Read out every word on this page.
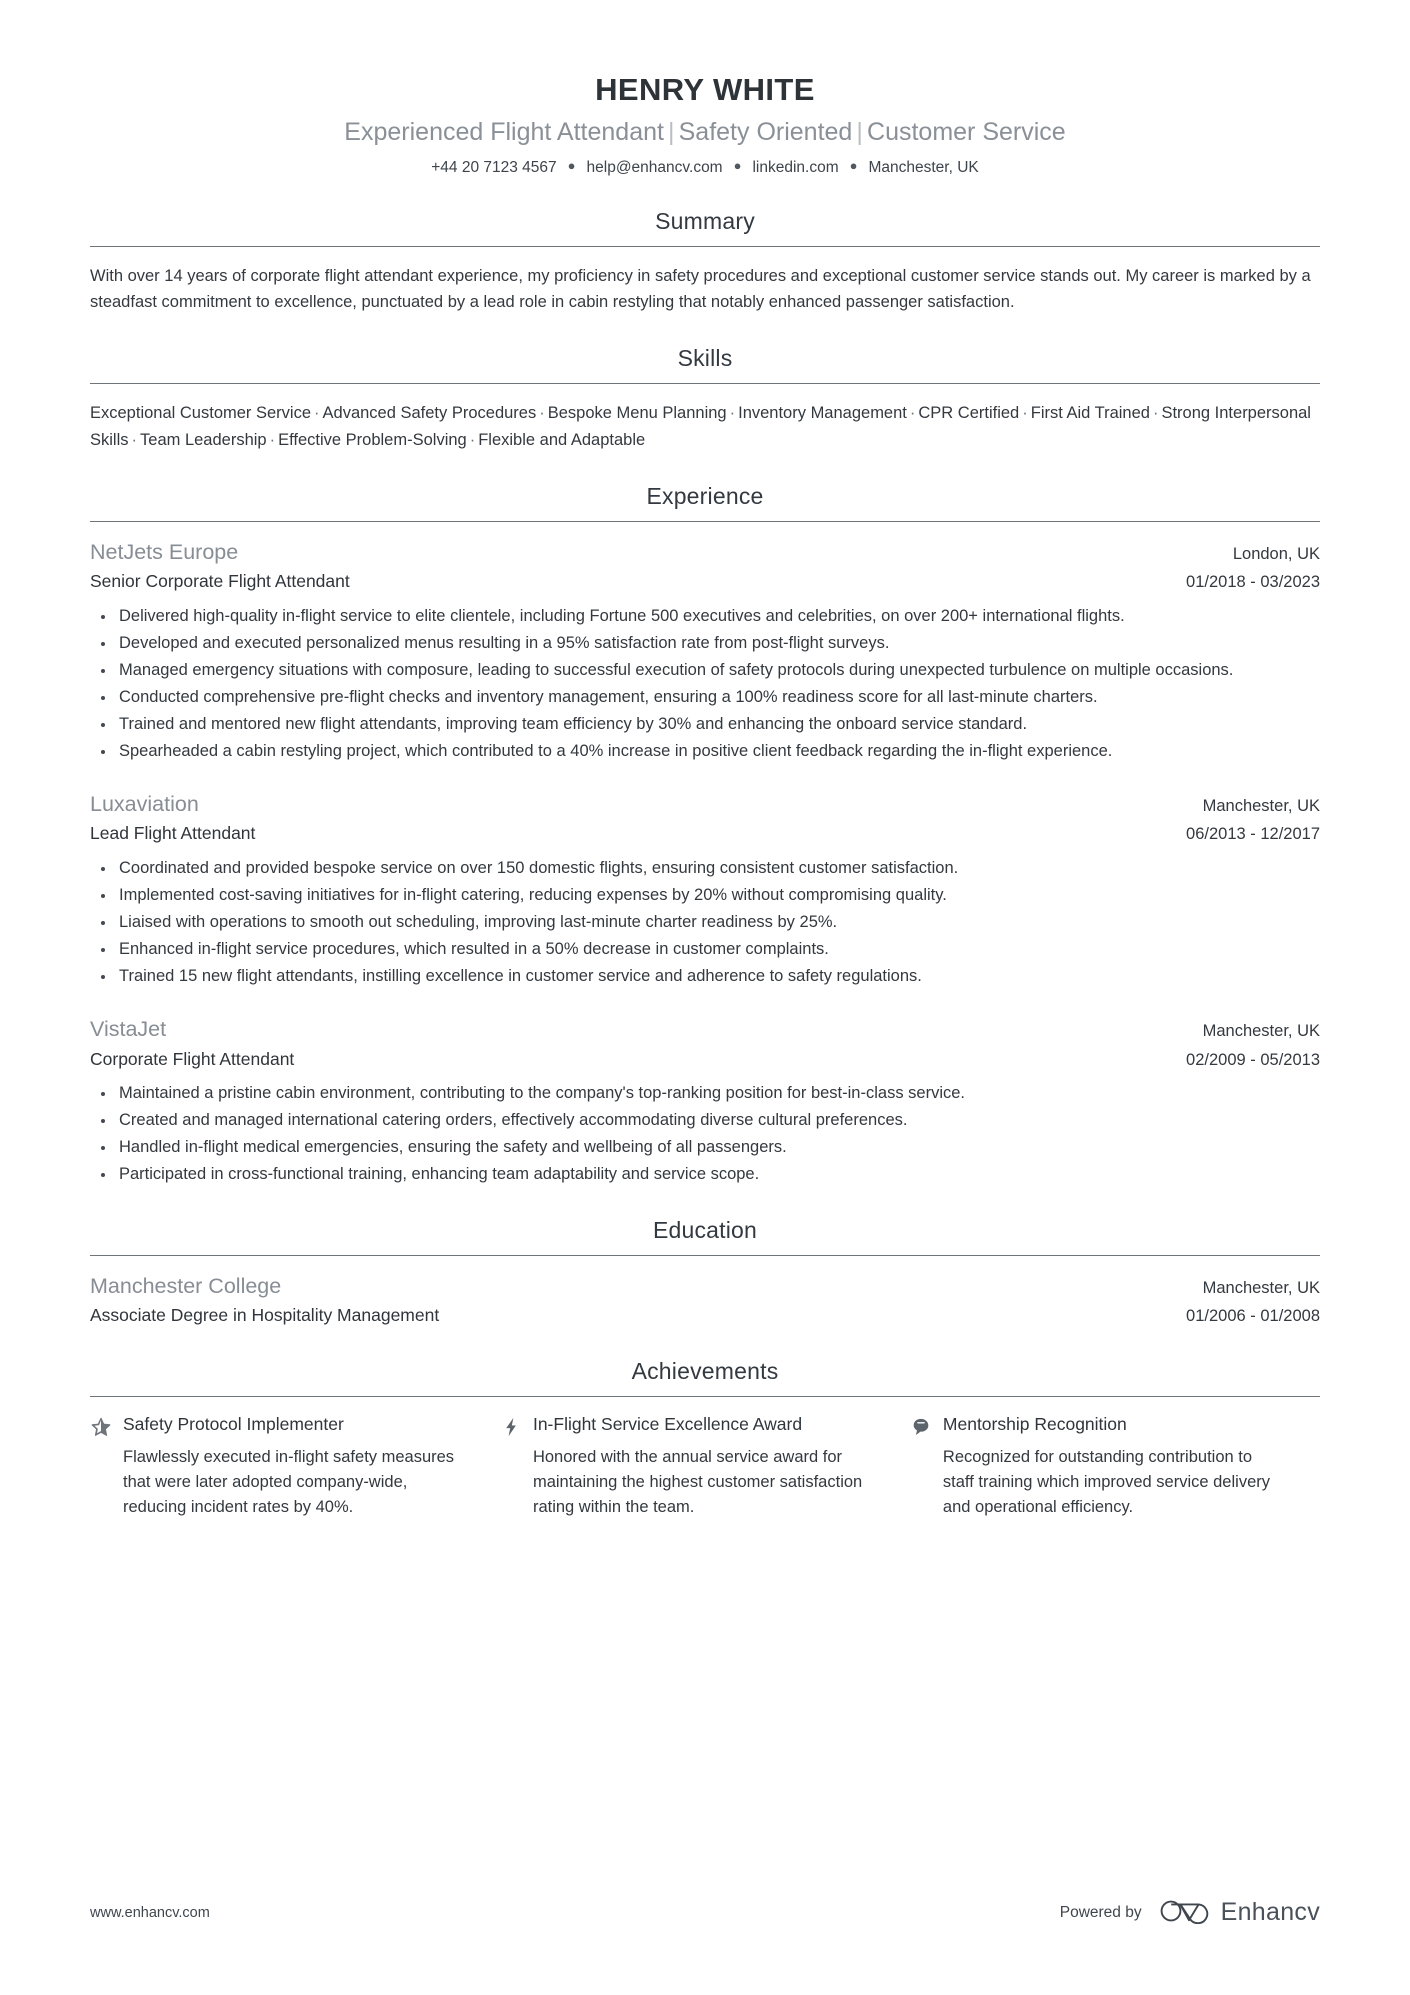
HENRY WHITE
Experienced Flight Attendant | Safety Oriented | Customer Service
+44 20 7123 4567 ● help@enhancv.com ● linkedin.com ● Manchester, UK
Summary

With over 14 years of corporate flight attendant experience, my proficiency in safety procedures and exceptional customer service stands out. My career is marked by a steadfast commitment to excellence, punctuated by a lead role in cabin restyling that notably enhanced passenger satisfaction.

Skills

Exceptional Customer Service · Advanced Safety Procedures · Bespoke Menu Planning · Inventory Management · CPR Certified · First Aid Trained · Strong Interpersonal Skills · Team Leadership · Effective Problem-Solving · Flexible and Adaptable

Experience
NetJets Europe	London, UK
Senior Corporate Flight Attendant	01/2018 - 03/2023
Delivered high-quality in-flight service to elite clientele, including Fortune 500 executives and celebrities, on over 200+ international flights.
Developed and executed personalized menus resulting in a 95% satisfaction rate from post-flight surveys.
Managed emergency situations with composure, leading to successful execution of safety protocols during unexpected turbulence on multiple occasions.
Conducted comprehensive pre-flight checks and inventory management, ensuring a 100% readiness score for all last-minute charters.
Trained and mentored new flight attendants, improving team efficiency by 30% and enhancing the onboard service standard.
Spearheaded a cabin restyling project, which contributed to a 40% increase in positive client feedback regarding the in-flight experience.
Luxaviation	Manchester, UK
Lead Flight Attendant	06/2013 - 12/2017
Coordinated and provided bespoke service on over 150 domestic flights, ensuring consistent customer satisfaction.
Implemented cost-saving initiatives for in-flight catering, reducing expenses by 20% without compromising quality.
Liaised with operations to smooth out scheduling, improving last-minute charter readiness by 25%.
Enhanced in-flight service procedures, which resulted in a 50% decrease in customer complaints.
Trained 15 new flight attendants, instilling excellence in customer service and adherence to safety regulations.
VistaJet	Manchester, UK
Corporate Flight Attendant	02/2009 - 05/2013
Maintained a pristine cabin environment, contributing to the company's top-ranking position for best-in-class service.
Created and managed international catering orders, effectively accommodating diverse cultural preferences.
Handled in-flight medical emergencies, ensuring the safety and wellbeing of all passengers.
Participated in cross-functional training, enhancing team adaptability and service scope.
Education
Manchester College	Manchester, UK
Associate Degree in Hospitality Management	01/2006 - 01/2008
Achievements
Safety Protocol Implementer
Flawlessly executed in-flight safety measures that were later adopted company-wide, reducing incident rates by 40%.
In-Flight Service Excellence Award
Honored with the annual service award for maintaining the highest customer satisfaction rating within the team.
Mentorship Recognition
Recognized for outstanding contribution to staff training which improved service delivery and operational efficiency.
www.enhancv.com	Powered by	Enhancv
